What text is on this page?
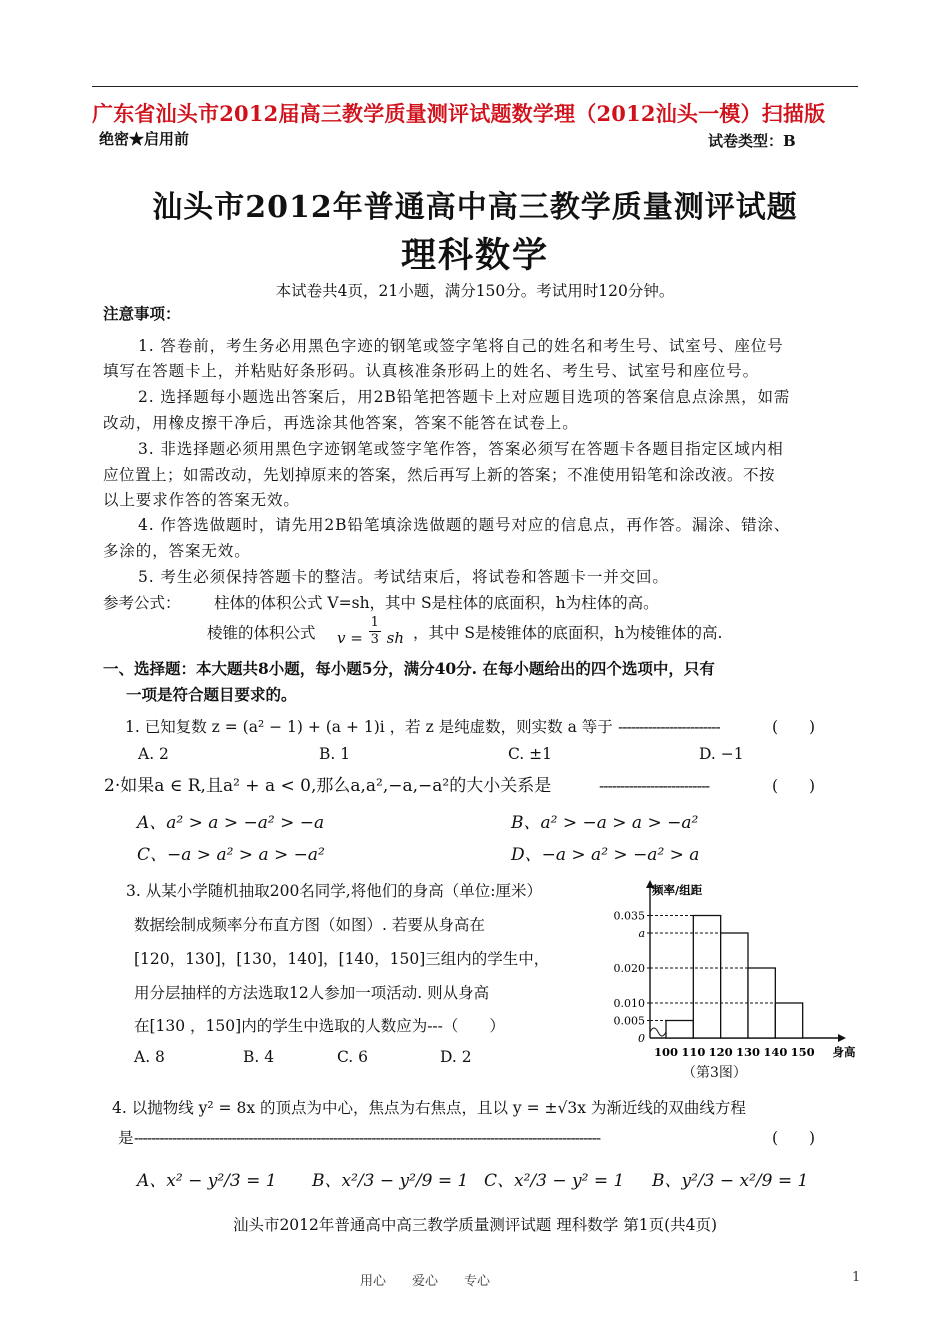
广东省汕头市2012届高三教学质量测评试题数学理（2012汕头一模）扫描版
绝密★启用前	试卷类型：B
汕头市2012年普通高中高三教学质量测评试题
理科数学
本试卷共4页，21小题，满分150分。考试用时120分钟。
注意事项：
1. 答卷前，考生务必用黑色字迹的钢笔或签字笔将自己的姓名和考生号、试室号、座位号
填写在答题卡上，并粘贴好条形码。认真核准条形码上的姓名、考生号、试室号和座位号。
2. 选择题每小题选出答案后，用2B铅笔把答题卡上对应题目选项的答案信息点涂黑，如需
改动，用橡皮擦干净后，再选涂其他答案，答案不能答在试卷上。
3. 非选择题必须用黑色字迹钢笔或签字笔作答，答案必须写在答题卡各题目指定区域内相
应位置上；如需改动，先划掉原来的答案，然后再写上新的答案；不准使用铅笔和涂改液。不按
以上要求作答的答案无效。
4. 作答选做题时，请先用2B铅笔填涂选做题的题号对应的信息点，再作答。漏涂、错涂、
多涂的，答案无效。
5. 考生必须保持答题卡的整洁。考试结束后，将试卷和答题卡一并交回。
参考公式： 柱体的体积公式 V=sh，其中 S是柱体的底面积，h为柱体的高。
棱锥的体积公式 $v = \frac{1}{3}$ sh ，其中 S是棱锥体的底面积，h为棱锥体的高.
一、选择题：本大题共8小题，每小题5分，满分40分. 在每小题给出的四个选项中，只有
一项是符合题目要求的。
1. 已知复数 z = (a² − 1) + (a + 1)i ，若 z 是纯虚数，则实数 a 等于 ------------------------	(　　)
A. 2	B. 1	C. ±1	D. −1
2·如果a ∈ R,且a² + a < 0,那么a,a²,−a,−a²的大小关系是	--------------------------	(　　)
A、a² > a > −a² > −a	B、a² > −a > a > −a²
C、−a > a² > a > −a²	D、−a > a² > −a² > a
3. 从某小学随机抽取200名同学,将他们的身高（单位:厘米）
数据绘制成频率分布直方图（如图）. 若要从身高在
[120，130]，[130，140]，[140，150]三组内的学生中，
用分层抽样的方法选取12人参加一项活动. 则从身高
在[130 ，150]内的学生中选取的人数应为---（　　）
A. 8	B. 4	C. 6	D. 2
0.035
a
0.020
0.010
0.005
0
100 110 120 130 140 150 身高
频率/组距
（第3图）
4. 以抛物线 y² = 8x 的顶点为中心，焦点为右焦点，且以 y = ±√3x 为渐近线的双曲线方程
是 --------------------------------------------------------------------------------------------------------------	(　　)
A、x² − y²/3 = 1 B、x²/3 − y²/9 = 1 C、x²/3 − y² = 1 B、y²/3 − x²/9 = 1
汕头市2012年普通高中高三教学质量测评试题 理科数学 第1页(共4页)
用心　　爱心　　专心	1
